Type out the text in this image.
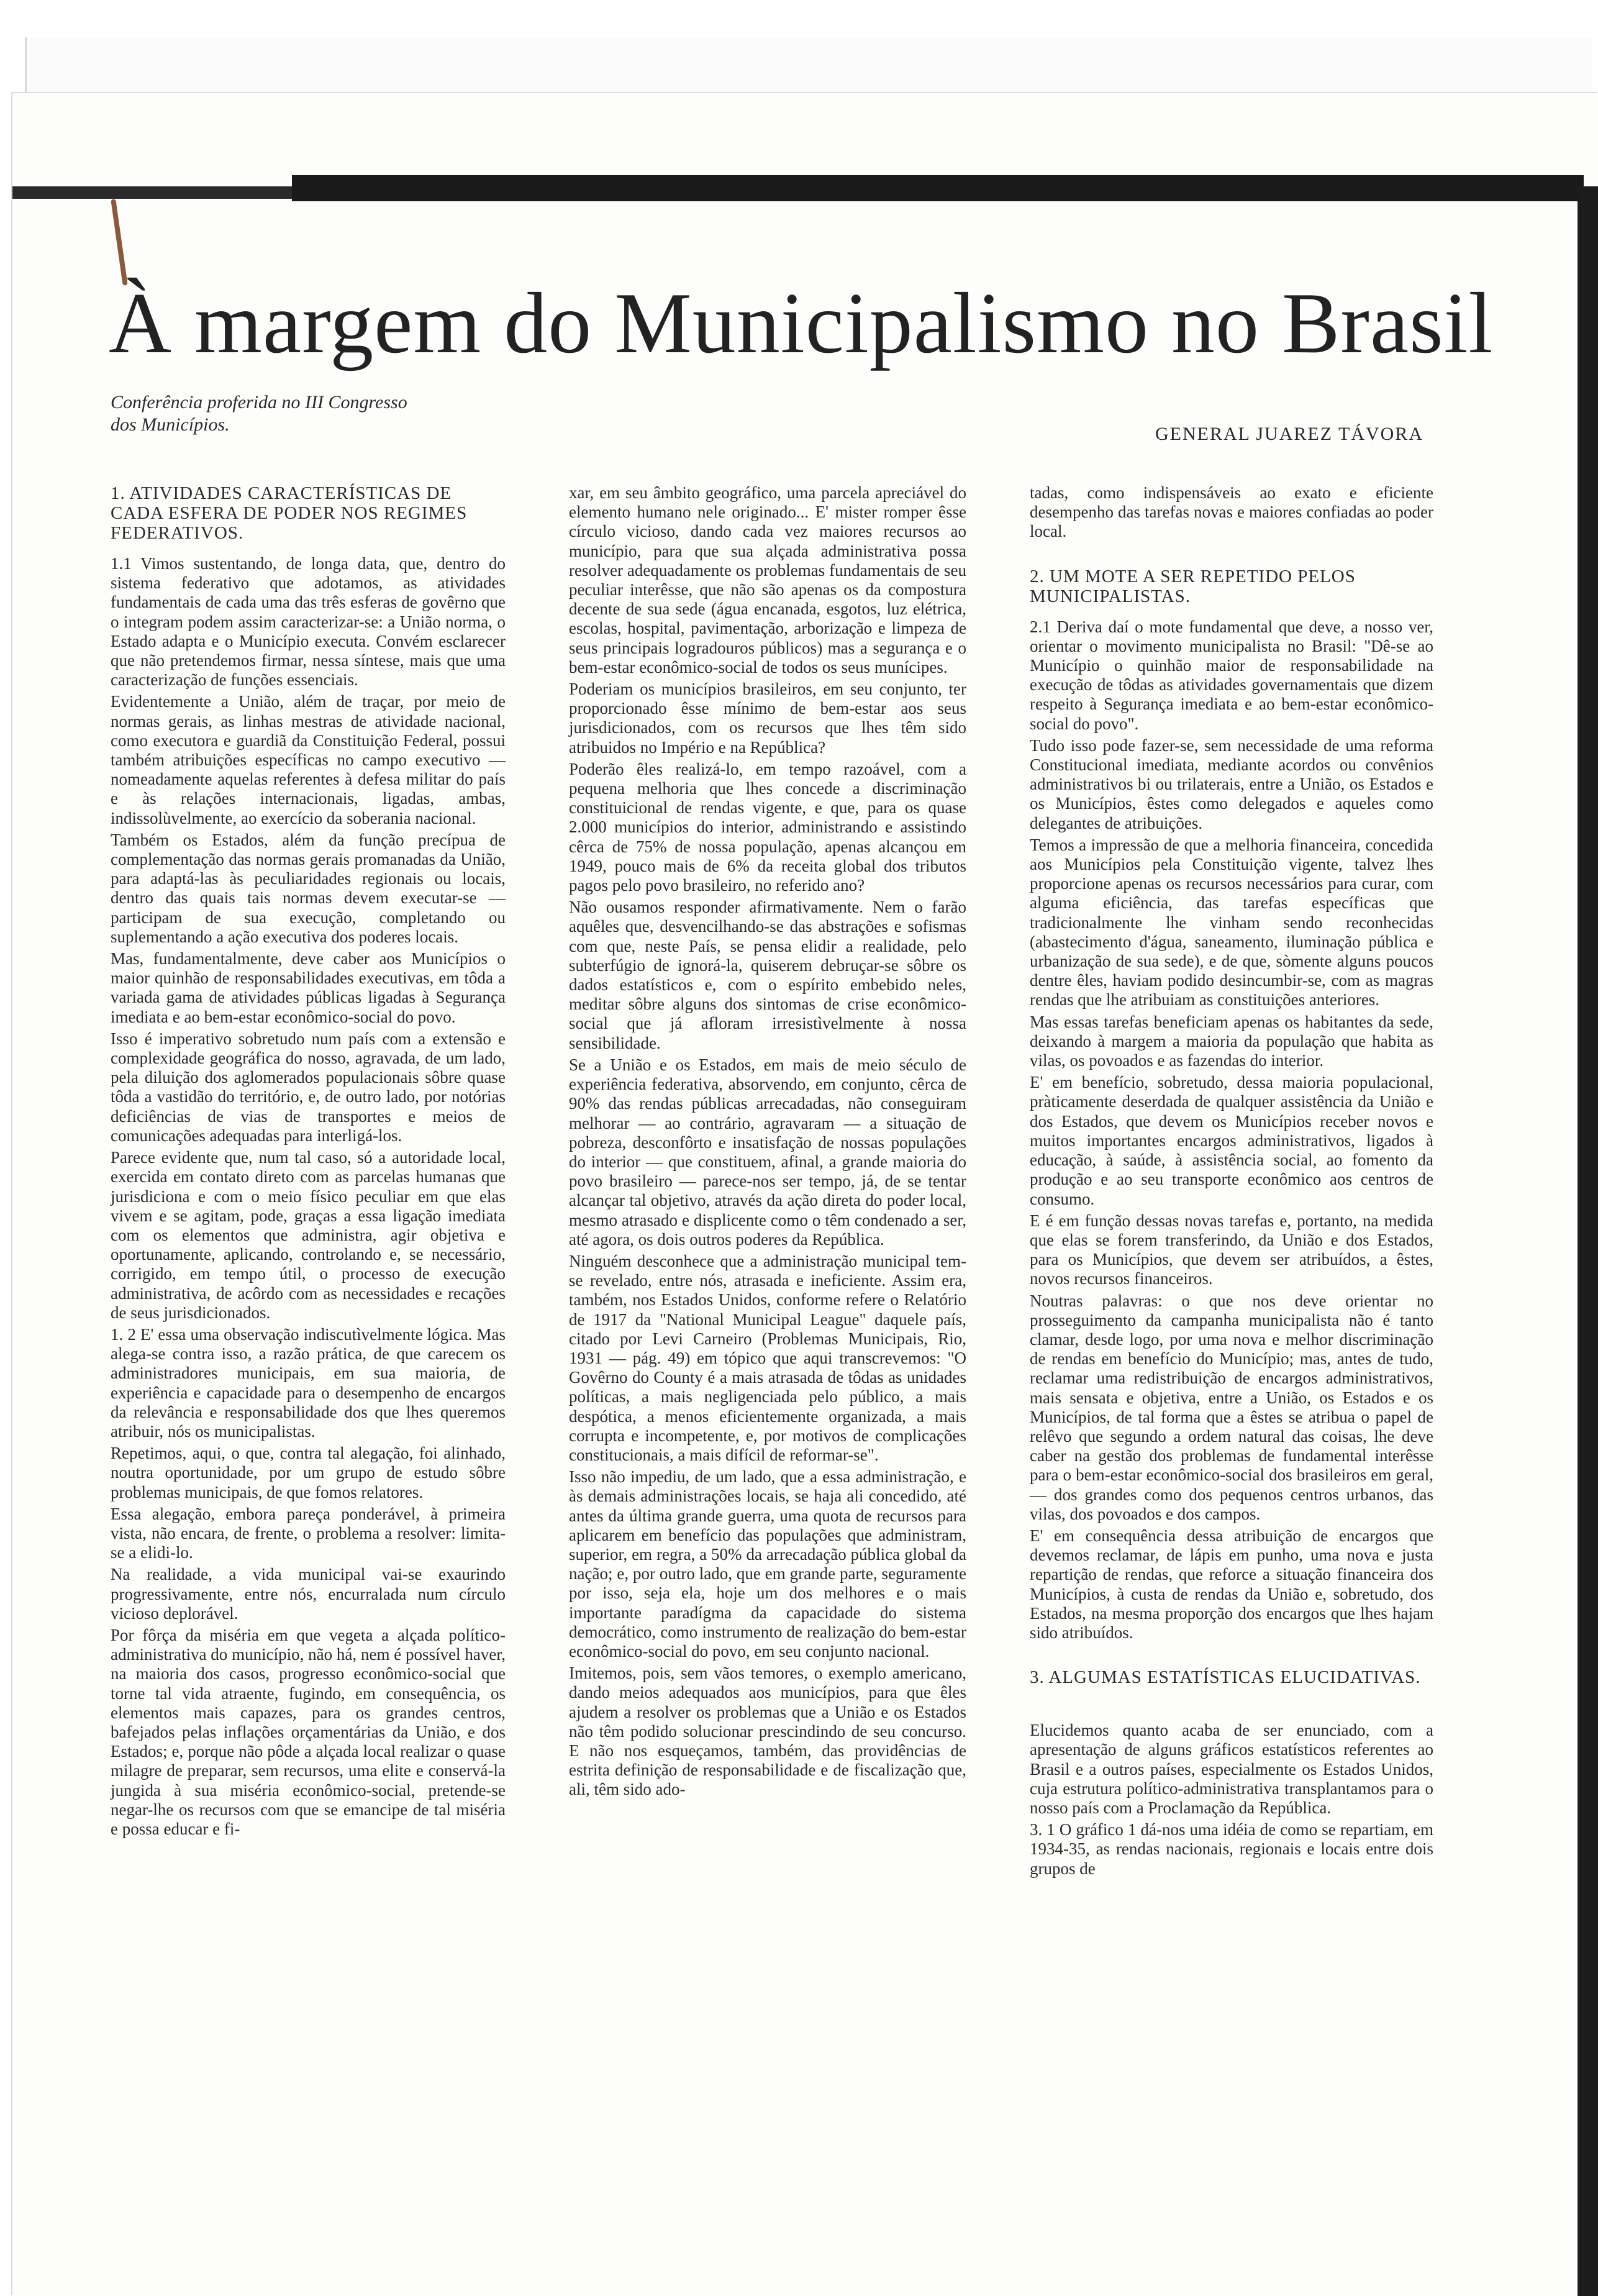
À margem do Municipalismo no Brasil

Conferência proferida no III Congresso dos Municípios.	GENERAL JUAREZ TÁVORA

1. ATIVIDADES CARACTERÍSTICAS DE CADA ESFERA DE PODER NOS REGIMES FEDERATIVOS.

1.1 Vimos sustentando, de longa data, que, dentro do sistema federativo que adotamos, as atividades fundamentais de cada uma das três esferas de govêrno que o integram podem assim caracterizar-se: a União norma, o Estado adapta e o Município executa. Convém esclarecer que não pretendemos firmar, nessa síntese, mais que uma caracterização de funções essenciais.

Evidentemente a União, além de traçar, por meio de normas gerais, as linhas mestras de atividade nacional, como executora e guardiã da Constituição Federal, possui também atribuições específicas no campo executivo — nomeadamente aquelas referentes à defesa militar do país e às relações internacionais, ligadas, ambas, indissolùvelmente, ao exercício da soberania nacional.

Também os Estados, além da função precípua de complementação das normas gerais promanadas da União, para adaptá-las às peculiaridades regionais ou locais, dentro das quais tais normas devem executar-se — participam de sua execução, completando ou suplementando a ação executiva dos poderes locais.

Mas, fundamentalmente, deve caber aos Municípios o maior quinhão de responsabilidades executivas, em tôda a variada gama de atividades públicas ligadas à Segurança imediata e ao bem-estar econômico-social do povo.

Isso é imperativo sobretudo num país com a extensão e complexidade geográfica do nosso, agravada, de um lado, pela diluição dos aglomerados populacionais sôbre quase tôda a vastidão do território, e, de outro lado, por notórias deficiências de vias de transportes e meios de comunicações adequadas para interligá-los.

Parece evidente que, num tal caso, só a autoridade local, exercida em contato direto com as parcelas humanas que jurisdiciona e com o meio físico peculiar em que elas vivem e se agitam, pode, graças a essa ligação imediata com os elementos que administra, agir objetiva e oportunamente, aplicando, controlando e, se necessário, corrigido, em tempo útil, o processo de execução administrativa, de acôrdo com as necessidades e recações de seus jurisdicionados.

1. 2 E' essa uma observação indiscutìvelmente lógica. Mas alega-se contra isso, a razão prática, de que carecem os administradores municipais, em sua maioria, de experiência e capacidade para o desempenho de encargos da relevância e responsabilidade dos que lhes queremos atribuir, nós os municipalistas.

Repetimos, aqui, o que, contra tal alegação, foi alinhado, noutra oportunidade, por um grupo de estudo sôbre problemas municipais, de que fomos relatores.

Essa alegação, embora pareça ponderável, à primeira vista, não encara, de frente, o problema a resolver: limita-se a elidi-lo.

Na realidade, a vida municipal vai-se exaurindo progressivamente, entre nós, encurralada num círculo vicioso deplorável.

Por fôrça da miséria em que vegeta a alçada político-administrativa do município, não há, nem é possível haver, na maioria dos casos, progresso econômico-social que torne tal vida atraente, fugindo, em consequência, os elementos mais capazes, para os grandes centros, bafejados pelas inflações orçamentárias da União, e dos Estados; e, porque não pôde a alçada local realizar o quase milagre de preparar, sem recursos, uma elite e conservá-la jungida à sua miséria econômico-social, pretende-se negar-lhe os recursos com que se emancipe de tal miséria e possa educar e fi-

xar, em seu âmbito geográfico, uma parcela apreciável do elemento humano nele originado... E' mister romper êsse círculo vicioso, dando cada vez maiores recursos ao município, para que sua alçada administrativa possa resolver adequadamente os problemas fundamentais de seu peculiar interêsse, que não são apenas os da compostura decente de sua sede (água encanada, esgotos, luz elétrica, escolas, hospital, pavimentação, arborização e limpeza de seus principais logradouros públicos) mas a segurança e o bem-estar econômico-social de todos os seus munícipes.

Poderiam os municípios brasileiros, em seu conjunto, ter proporcionado êsse mínimo de bem-estar aos seus jurisdicionados, com os recursos que lhes têm sido atribuidos no Império e na República?

Poderão êles realizá-lo, em tempo razoável, com a pequena melhoria que lhes concede a discriminação constituicional de rendas vigente, e que, para os quase 2.000 municípios do interior, administrando e assistindo cêrca de 75% de nossa população, apenas alcançou em 1949, pouco mais de 6% da receita global dos tributos pagos pelo povo brasileiro, no referido ano?

Não ousamos responder afirmativamente. Nem o farão aquêles que, desvencilhando-se das abstrações e sofismas com que, neste País, se pensa elidir a realidade, pelo subterfúgio de ignorá-la, quiserem debruçar-se sôbre os dados estatísticos e, com o espírito embebido neles, meditar sôbre alguns dos sintomas de crise econômico-social que já afloram irresistìvelmente à nossa sensibilidade.

Se a União e os Estados, em mais de meio século de experiência federativa, absorvendo, em conjunto, cêrca de 90% das rendas públicas arrecadadas, não conseguiram melhorar — ao contrário, agravaram — a situação de pobreza, desconfôrto e insatisfação de nossas populações do interior — que constituem, afinal, a grande maioria do povo brasileiro — parece-nos ser tempo, já, de se tentar alcançar tal objetivo, através da ação direta do poder local, mesmo atrasado e displicente como o têm condenado a ser, até agora, os dois outros poderes da República.

Ninguém desconhece que a administração municipal tem-se revelado, entre nós, atrasada e ineficiente. Assim era, também, nos Estados Unidos, conforme refere o Relatório de 1917 da "National Municipal League" daquele país, citado por Levi Carneiro (Problemas Municipais, Rio, 1931 — pág. 49) em tópico que aqui transcrevemos: "O Govêrno do County é a mais atrasada de tôdas as unidades políticas, a mais negligenciada pelo público, a mais despótica, a menos eficientemente organizada, a mais corrupta e incompetente, e, por motivos de complicações constitucionais, a mais difícil de reformar-se".

Isso não impediu, de um lado, que a essa administração, e às demais administrações locais, se haja ali concedido, até antes da última grande guerra, uma quota de recursos para aplicarem em benefício das populações que administram, superior, em regra, a 50% da arrecadação pública global da nação; e, por outro lado, que em grande parte, seguramente por isso, seja ela, hoje um dos melhores e o mais importante paradígma da capacidade do sistema democrático, como instrumento de realização do bem-estar econômico-social do povo, em seu conjunto nacional.

Imitemos, pois, sem vãos temores, o exemplo americano, dando meios adequados aos municípios, para que êles ajudem a resolver os problemas que a União e os Estados não têm podido solucionar prescindindo de seu concurso. E não nos esqueçamos, também, das providências de estrita definição de responsabilidade e de fiscalização que, ali, têm sido ado-

tadas, como indispensáveis ao exato e eficiente desempenho das tarefas novas e maiores confiadas ao poder local.

2. UM MOTE A SER REPETIDO PELOS MUNICIPALISTAS.

2.1 Deriva daí o mote fundamental que deve, a nosso ver, orientar o movimento municipalista no Brasil: "Dê-se ao Município o quinhão maior de responsabilidade na execução de tôdas as atividades governamentais que dizem respeito à Segurança imediata e ao bem-estar econômico-social do povo".

Tudo isso pode fazer-se, sem necessidade de uma reforma Constitucional imediata, mediante acordos ou convênios administrativos bi ou trilaterais, entre a União, os Estados e os Municípios, êstes como delegados e aqueles como delegantes de atribuições.

Temos a impressão de que a melhoria financeira, concedida aos Municípios pela Constituição vigente, talvez lhes proporcione apenas os recursos necessários para curar, com alguma eficiência, das tarefas específicas que tradicionalmente lhe vinham sendo reconhecidas (abastecimento d'água, saneamento, iluminação pública e urbanização de sua sede), e de que, sòmente alguns poucos dentre êles, haviam podido desincumbir-se, com as magras rendas que lhe atribuiam as constituições anteriores.

Mas essas tarefas beneficiam apenas os habitantes da sede, deixando à margem a maioria da população que habita as vilas, os povoados e as fazendas do interior.

E' em benefício, sobretudo, dessa maioria populacional, pràticamente deserdada de qualquer assistência da União e dos Estados, que devem os Municípios receber novos e muitos importantes encargos administrativos, ligados à educação, à saúde, à assistência social, ao fomento da produção e ao seu transporte econômico aos centros de consumo.

E é em função dessas novas tarefas e, portanto, na medida que elas se forem transferindo, da União e dos Estados, para os Municípios, que devem ser atribuídos, a êstes, novos recursos financeiros.

Noutras palavras: o que nos deve orientar no prosseguimento da campanha municipalista não é tanto clamar, desde logo, por uma nova e melhor discriminação de rendas em benefício do Município; mas, antes de tudo, reclamar uma redistribuição de encargos administrativos, mais sensata e objetiva, entre a União, os Estados e os Municípios, de tal forma que a êstes se atribua o papel de relêvo que segundo a ordem natural das coisas, lhe deve caber na gestão dos problemas de fundamental interêsse para o bem-estar econômico-social dos brasileiros em geral, — dos grandes como dos pequenos centros urbanos, das vilas, dos povoados e dos campos.

E' em consequência dessa atribuição de encargos que devemos reclamar, de lápis em punho, uma nova e justa repartição de rendas, que reforce a situação financeira dos Municípios, à custa de rendas da União e, sobretudo, dos Estados, na mesma proporção dos encargos que lhes hajam sido atribuídos.

3. ALGUMAS ESTATÍSTICAS ELUCIDATIVAS.

Elucidemos quanto acaba de ser enunciado, com a apresentação de alguns gráficos estatísticos referentes ao Brasil e a outros países, especialmente os Estados Unidos, cuja estrutura político-administrativa transplantamos para o nosso país com a Proclamação da República.

3. 1 O gráfico 1 dá-nos uma idéia de como se repartiam, em 1934-35, as rendas nacionais, regionais e locais entre dois grupos de
